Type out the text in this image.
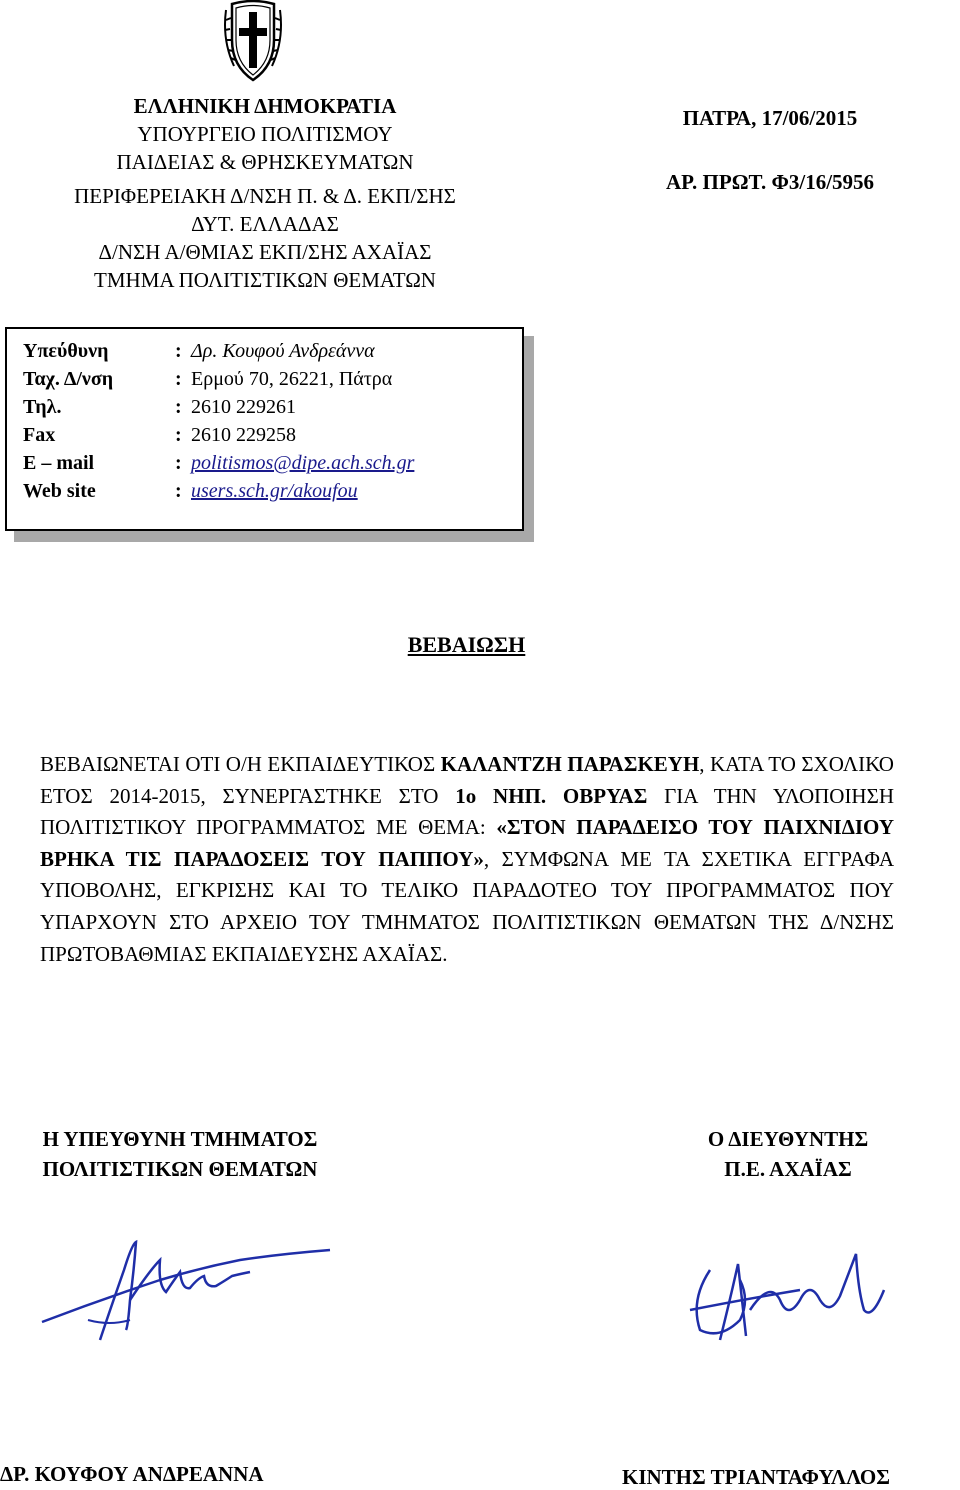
ΕΛΛΗΝΙΚΗ ΔΗΜΟΚΡΑΤΙΑ
ΥΠΟΥΡΓΕΙΟ ΠΟΛΙΤΙΣΜΟΥ
ΠΑΙΔΕΙΑΣ & ΘΡΗΣΚΕΥΜΑΤΩΝ
ΠΕΡΙΦΕΡΕΙΑΚΗ Δ/ΝΣΗ Π. & Δ. ΕΚΠ/ΣΗΣ
ΔΥΤ. ΕΛΛΑΔΑΣ
Δ/ΝΣΗ Α/ΘΜΙΑΣ ΕΚΠ/ΣΗΣ ΑΧΑΪΑΣ
ΤΜΗΜΑ ΠΟΛΙΤΙΣΤΙΚΩΝ ΘΕΜΑΤΩΝ
ΠΑΤΡΑ, 17/06/2015
ΑΡ. ΠΡΩΤ. Φ3/16/5956
Υπεύθυνη	: Δρ. Κουφού Ανδρεάννα
Ταχ. Δ/νση	: Ερμού 70, 26221, Πάτρα
Τηλ.	: 2610 229261
Fax	: 2610 229258
E – mail	: politismos@dipe.ach.sch.gr
Web site	: users.sch.gr/akoufou
ΒΕΒΑΙΩΣΗ
ΒΕΒΑΙΩΝΕΤΑΙ ΟΤΙ Ο/Η ΕΚΠΑΙΔΕΥΤΙΚΟΣ ΚΑΛΑΝΤΖΗ ΠΑΡΑΣΚΕΥΗ, ΚΑΤΑ ΤΟ ΣΧΟΛΙΚΟ ΕΤΟΣ 2014-2015, ΣΥΝΕΡΓΑΣΤΗΚΕ ΣΤΟ 1ο ΝΗΠ. ΟΒΡΥΑΣ ΓΙΑ ΤΗΝ ΥΛΟΠΟΙΗΣΗ ΠΟΛΙΤΙΣΤΙΚΟΥ ΠΡΟΓΡΑΜΜΑΤΟΣ ΜΕ ΘΕΜΑ: «ΣΤΟΝ ΠΑΡΑΔΕΙΣΟ ΤΟΥ ΠΑΙΧΝΙΔΙΟΥ ΒΡΗΚΑ ΤΙΣ ΠΑΡΑΔΟΣΕΙΣ ΤΟΥ ΠΑΠΠΟΥ», ΣΥΜΦΩΝΑ ΜΕ ΤΑ ΣΧΕΤΙΚΑ ΕΓΓΡΑΦΑ ΥΠΟΒΟΛΗΣ, ΕΓΚΡΙΣΗΣ ΚΑΙ ΤΟ ΤΕΛΙΚΟ ΠΑΡΑΔΟΤΕΟ ΤΟΥ ΠΡΟΓΡΑΜΜΑΤΟΣ ΠΟΥ ΥΠΑΡΧΟΥΝ ΣΤΟ ΑΡΧΕΙΟ ΤΟΥ ΤΜΗΜΑΤΟΣ ΠΟΛΙΤΙΣΤΙΚΩΝ ΘΕΜΑΤΩΝ ΤΗΣ Δ/ΝΣΗΣ ΠΡΩΤΟΒΑΘΜΙΑΣ ΕΚΠΑΙΔΕΥΣΗΣ ΑΧΑΪΑΣ.
Η ΥΠΕΥΘΥΝΗ ΤΜΗΜΑΤΟΣ
ΠΟΛΙΤΙΣΤΙΚΩΝ ΘΕΜΑΤΩΝ
Ο ΔΙΕΥΘΥΝΤΗΣ
Π.Ε. ΑΧΑΪΑΣ
ΔΡ. ΚΟΥΦΟΥ ΑΝΔΡΕΑΝΝΑ	ΚΙΝΤΗΣ ΤΡΙΑΝΤΑΦΥΛΛΟΣ
